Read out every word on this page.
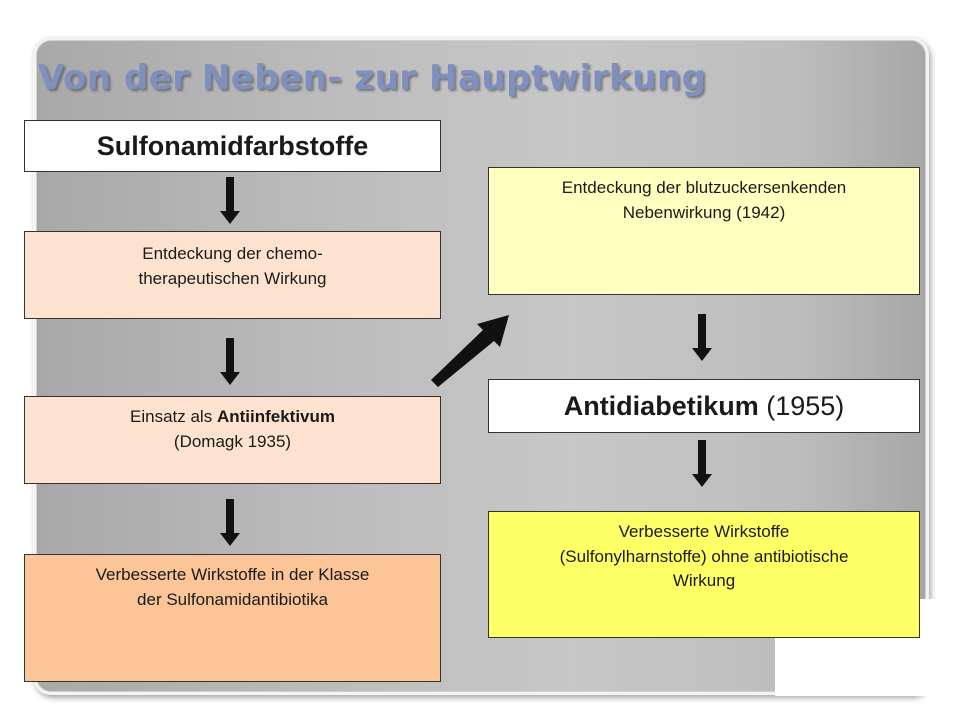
Von der Neben- zur Hauptwirkung
Sulfonamidfarbstoffe
Entdeckung der chemo-
therapeutischen Wirkung
Einsatz als Antiinfektivum
(Domagk 1935)
Verbesserte Wirkstoffe in der Klasse
der Sulfonamidantibiotika
Entdeckung der blutzuckersenkenden
Nebenwirkung (1942)
Antidiabetikum (1955)
Verbesserte Wirkstoffe
(Sulfonylharnstoffe) ohne antibiotische
Wirkung
